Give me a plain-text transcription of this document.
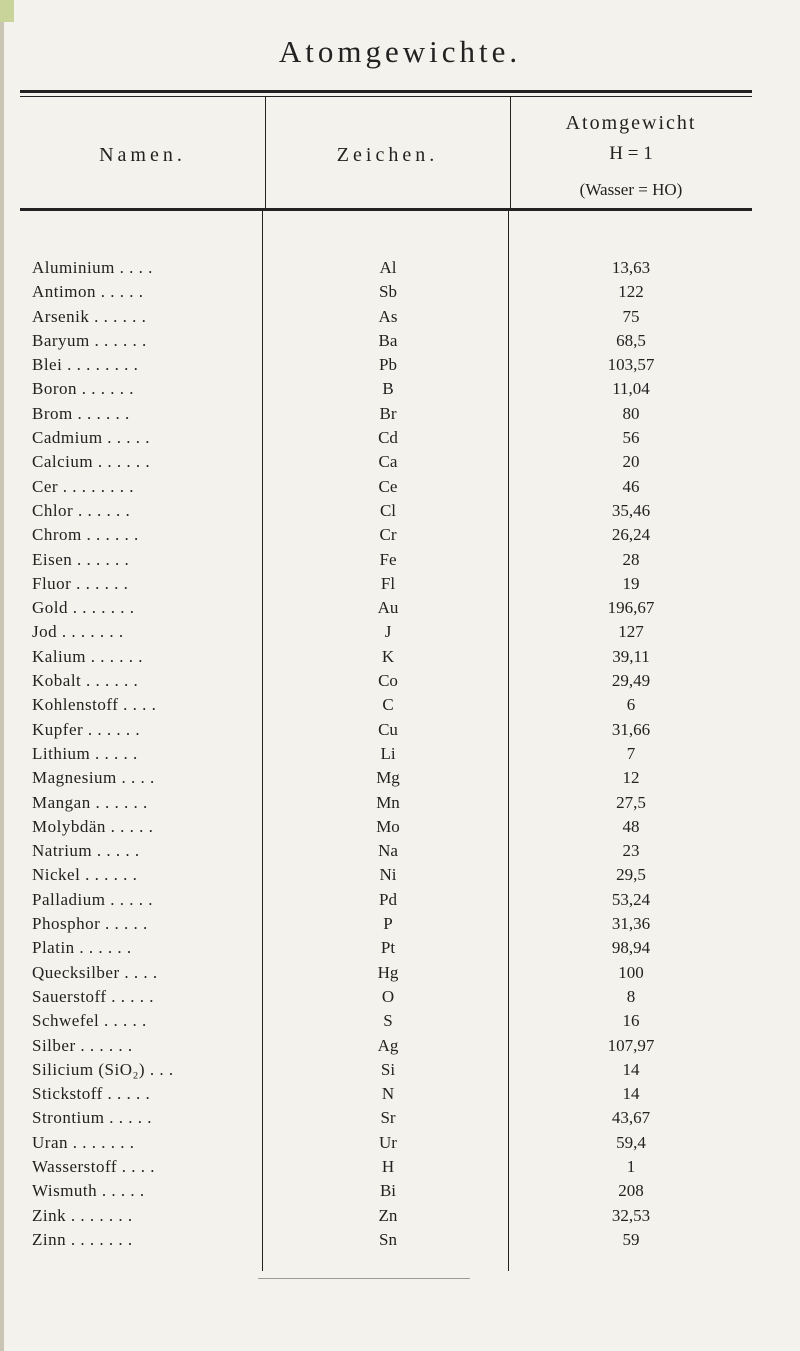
Atomgewichte.
Namen.	Zeichen.
Atomgewicht
H = 1
(Wasser = HO)
Aluminium . . . .	Al	13,63
Antimon . . . . .	Sb	122
Arsenik . . . . . .	As	75
Baryum . . . . . .	Ba	68,5
Blei . . . . . . . .	Pb	103,57
Boron . . . . . .	B	11,04
Brom . . . . . .	Br	80
Cadmium . . . . .	Cd	56
Calcium . . . . . .	Ca	20
Cer . . . . . . . .	Ce	46
Chlor . . . . . .	Cl	35,46
Chrom . . . . . .	Cr	26,24
Eisen . . . . . .	Fe	28
Fluor . . . . . .	Fl	19
Gold . . . . . . .	Au	196,67
Jod . . . . . . .	J	127
Kalium . . . . . .	K	39,11
Kobalt . . . . . .	Co	29,49
Kohlenstoff . . . .	C	6
Kupfer . . . . . .	Cu	31,66
Lithium . . . . .	Li	7
Magnesium . . . .	Mg	12
Mangan . . . . . .	Mn	27,5
Molybdän . . . . .	Mo	48
Natrium . . . . .	Na	23
Nickel . . . . . .	Ni	29,5
Palladium . . . . .	Pd	53,24
Phosphor . . . . .	P	31,36
Platin . . . . . .	Pt	98,94
Quecksilber . . . .	Hg	100
Sauerstoff . . . . .	O	8
Schwefel . . . . .	S	16
Silber . . . . . .	Ag	107,97
Silicium (SiO₂) . . .	Si	14
Stickstoff . . . . .	N	14
Strontium . . . . .	Sr	43,67
Uran . . . . . . .	Ur	59,4
Wasserstoff . . . .	H	1
Wismuth . . . . .	Bi	208
Zink . . . . . . .	Zn	32,53
Zinn . . . . . . .	Sn	59
